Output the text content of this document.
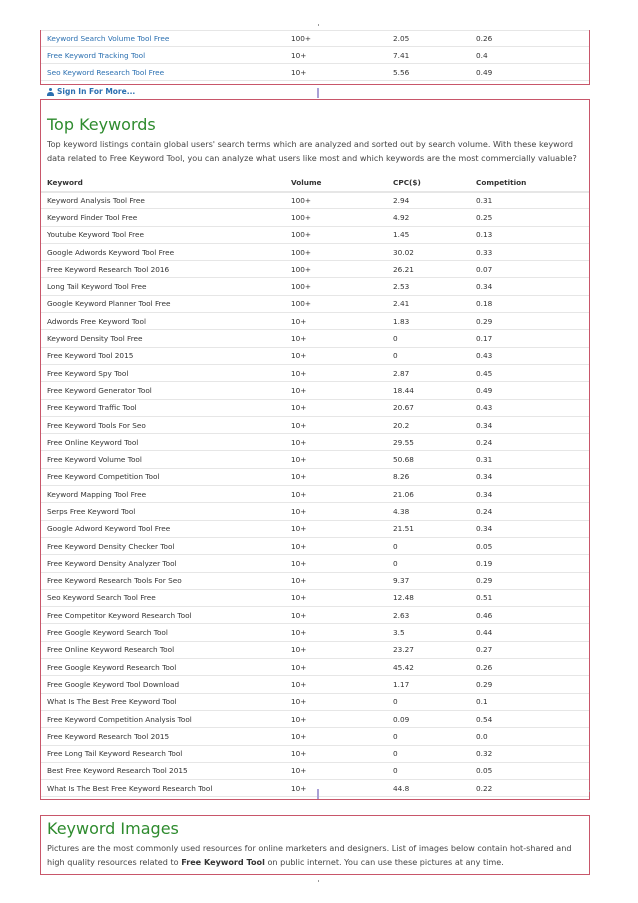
Keyword Search Volume Tool Free	100+	2.05	0.26
Free Keyword Tracking Tool	10+	7.41	0.4
Seo Keyword Research Tool Free	10+	5.56	0.49
Sign In For More...
Top Keywords
Top keyword listings contain global users' search terms which are analyzed and sorted out by search volume. With these keyword data related to Free Keyword Tool, you can analyze what users like most and which keywords are the most commercially valuable?
Keyword	Volume	CPC($)	Competition
Keyword Analysis Tool Free	100+	2.94	0.31
Keyword Finder Tool Free	100+	4.92	0.25
Youtube Keyword Tool Free	100+	1.45	0.13
Google Adwords Keyword Tool Free	100+	30.02	0.33
Free Keyword Research Tool 2016	100+	26.21	0.07
Long Tail Keyword Tool Free	100+	2.53	0.34
Google Keyword Planner Tool Free	100+	2.41	0.18
Adwords Free Keyword Tool	10+	1.83	0.29
Keyword Density Tool Free	10+	0	0.17
Free Keyword Tool 2015	10+	0	0.43
Free Keyword Spy Tool	10+	2.87	0.45
Free Keyword Generator Tool	10+	18.44	0.49
Free Keyword Traffic Tool	10+	20.67	0.43
Free Keyword Tools For Seo	10+	20.2	0.34
Free Online Keyword Tool	10+	29.55	0.24
Free Keyword Volume Tool	10+	50.68	0.31
Free Keyword Competition Tool	10+	8.26	0.34
Keyword Mapping Tool Free	10+	21.06	0.34
Serps Free Keyword Tool	10+	4.38	0.24
Google Adword Keyword Tool Free	10+	21.51	0.34
Free Keyword Density Checker Tool	10+	0	0.05
Free Keyword Density Analyzer Tool	10+	0	0.19
Free Keyword Research Tools For Seo	10+	9.37	0.29
Seo Keyword Search Tool Free	10+	12.48	0.51
Free Competitor Keyword Research Tool	10+	2.63	0.46
Free Google Keyword Search Tool	10+	3.5	0.44
Free Online Keyword Research Tool	10+	23.27	0.27
Free Google Keyword Research Tool	10+	45.42	0.26
Free Google Keyword Tool Download	10+	1.17	0.29
What Is The Best Free Keyword Tool	10+	0	0.1
Free Keyword Competition Analysis Tool	10+	0.09	0.54
Free Keyword Research Tool 2015	10+	0	0.0
Free Long Tail Keyword Research Tool	10+	0	0.32
Best Free Keyword Research Tool 2015	10+	0	0.05
What Is The Best Free Keyword Research Tool	10+	44.8	0.22
Keyword Images
Pictures are the most commonly used resources for online marketers and designers. List of images below contain hot-shared and high quality resources related to Free Keyword Tool on public internet. You can use these pictures at any time.
